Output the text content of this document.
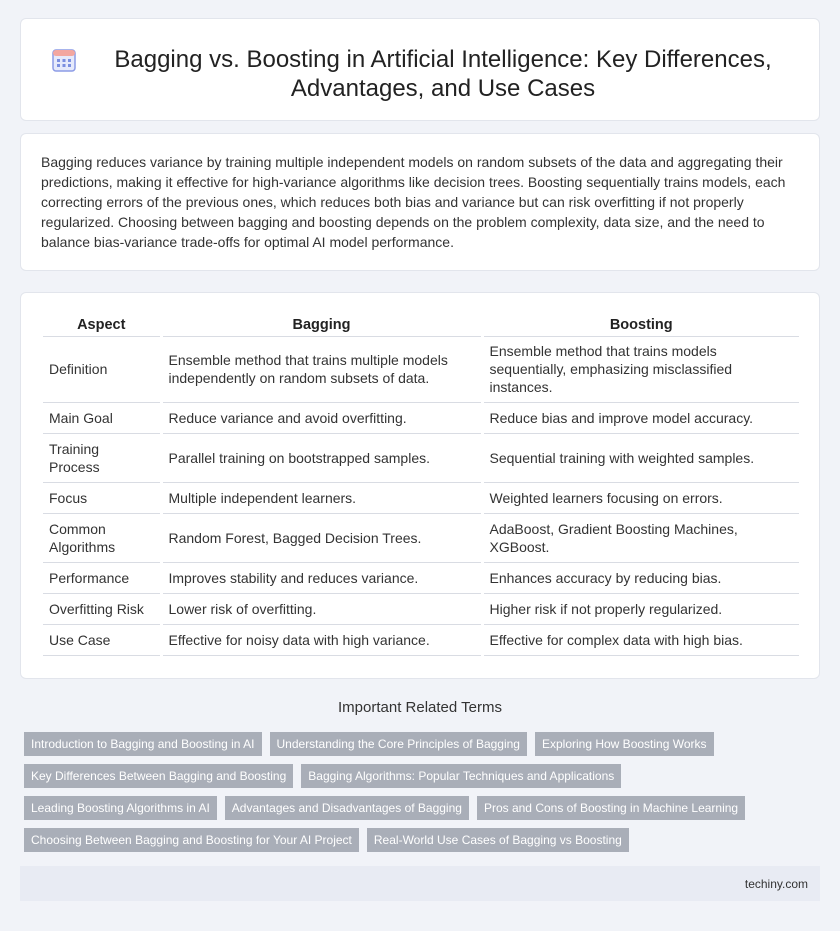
Bagging vs. Boosting in Artificial Intelligence: Key Differences, Advantages, and Use Cases

Bagging reduces variance by training multiple independent models on random subsets of the data and aggregating their predictions, making it effective for high-variance algorithms like decision trees. Boosting sequentially trains models, each correcting errors of the previous ones, which reduces both bias and variance but can risk overfitting if not properly regularized. Choosing between bagging and boosting depends on the problem complexity, data size, and the need to balance bias-variance trade-offs for optimal AI model performance.

Aspect	Bagging	Boosting
Definition	Ensemble method that trains multiple models independently on random subsets of data.	Ensemble method that trains models sequentially, emphasizing misclassified instances.
Main Goal	Reduce variance and avoid overfitting.	Reduce bias and improve model accuracy.
Training Process	Parallel training on bootstrapped samples.	Sequential training with weighted samples.
Focus	Multiple independent learners.	Weighted learners focusing on errors.
Common Algorithms	Random Forest, Bagged Decision Trees.	AdaBoost, Gradient Boosting Machines, XGBoost.
Performance	Improves stability and reduces variance.	Enhances accuracy by reducing bias.
Overfitting Risk	Lower risk of overfitting.	Higher risk if not properly regularized.
Use Case	Effective for noisy data with high variance.	Effective for complex data with high bias.
Important Related Terms
Introduction to Bagging and Boosting in AI	Understanding the Core Principles of Bagging	Exploring How Boosting Works
Key Differences Between Bagging and Boosting	Bagging Algorithms: Popular Techniques and Applications
Leading Boosting Algorithms in AI	Advantages and Disadvantages of Bagging	Pros and Cons of Boosting in Machine Learning
Choosing Between Bagging and Boosting for Your AI Project	Real-World Use Cases of Bagging vs Boosting
techiny.com
